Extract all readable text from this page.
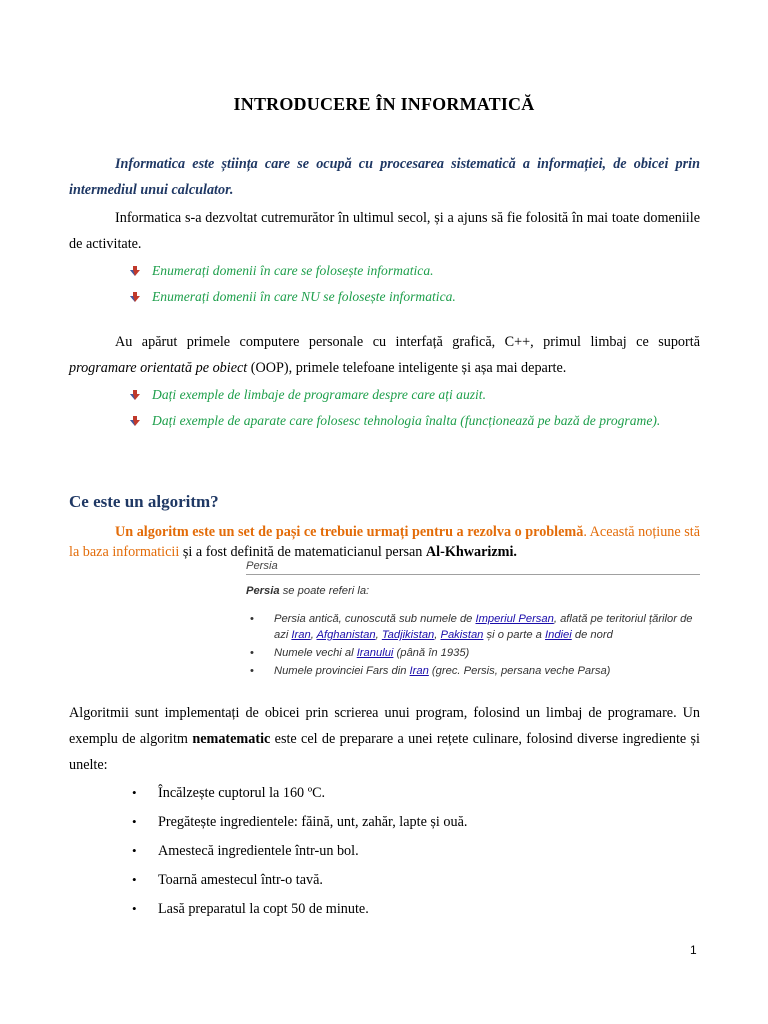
INTRODUCERE ÎN INFORMATICĂ
Informatica este știința care se ocupă cu procesarea sistematică a informației, de obicei prin intermediul unui calculator.
Informatica s-a dezvoltat cutremurător în ultimul secol, și a ajuns să fie folosită în mai toate domeniile de activitate.
Enumerați domenii în care se folosește informatica.
Enumerați domenii în care NU se folosește informatica.
Au apărut primele computere personale cu interfață grafică, C++, primul limbaj ce suportă programare orientată pe obiect (OOP), primele telefoane inteligente și așa mai departe.
Dați exemple de limbaje de programare despre care ați auzit.
Dați exemple de aparate care folosesc tehnologia înalta (funcționează pe bază de programe).
Ce este un algoritm?
Un algoritm este un set de pași ce trebuie urmați pentru a rezolva o problemă. Această noțiune stă la baza informaticii și a fost definită de matematicianul persan Al-Khwarizmi.
Persia
Persia se poate referi la:
• Persia antică, cunoscută sub numele de Imperiul Persan, aflată pe teritoriul țărilor de azi Iran, Afghanistan, Tadjikistan, Pakistan și o parte a Indiei de nord
• Numele vechi al Iranului (până în 1935)
• Numele provinciei Fars din Iran (grec. Persis, persana veche Parsa)
Algoritmii sunt implementați de obicei prin scrierea unui program, folosind un limbaj de programare. Un exemplu de algoritm nematematic este cel de preparare a unei rețete culinare, folosind diverse ingrediente și unelte:
• Încălzește cuptorul la 160 ºC.
• Pregătește ingredientele: făină, unt, zahăr, lapte și ouă.
• Amestecă ingredientele într-un bol.
• Toarnă amestecul într-o tavă.
• Lasă preparatul la copt 50 de minute.
1
